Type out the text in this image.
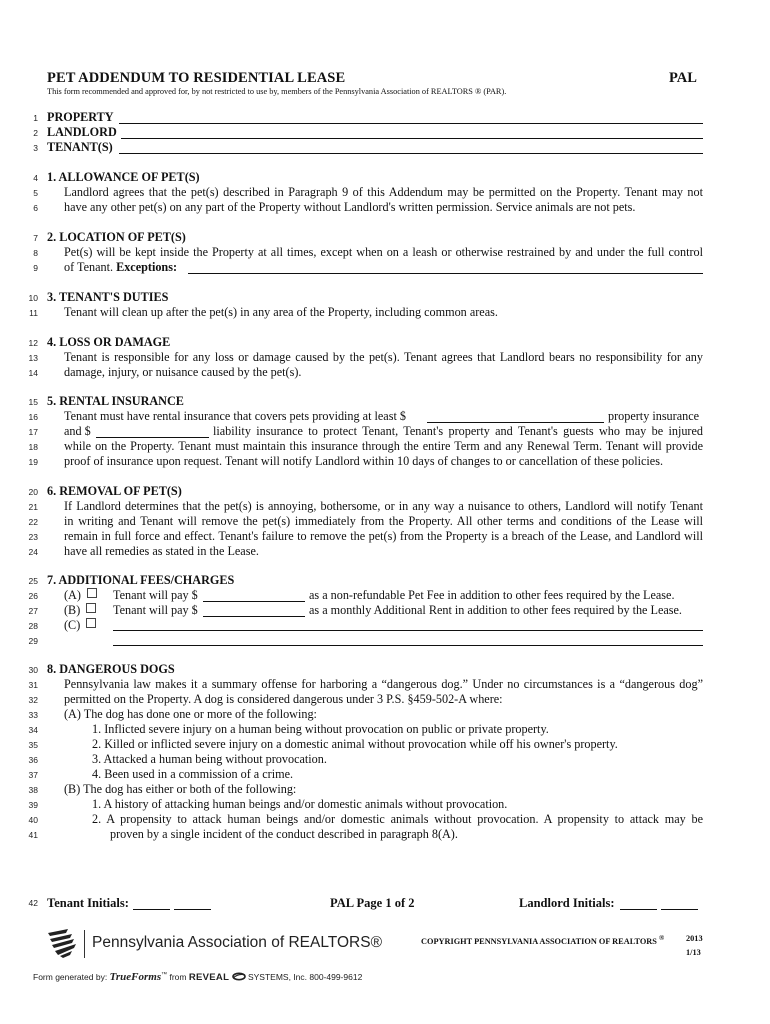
PET ADDENDUM TO RESIDENTIAL LEASE	PAL
This form recommended and approved for, by not restricted to use by, members of the Pennsylvania Association of REALTORS ® (PAR).
1
2
3
4
5
6
7
8
9
10
11
12
13
14
15
16
17
18
19
20
21
22
23
24
25
26
27
28
29
30
31
32
33
34
35
36
37
38
39
40
41
42
PROPERTY
LANDLORD
TENANT(S)
1. ALLOWANCE OF PET(S)
Landlord agrees that the pet(s) described in Paragraph 9 of this Addendum may be permitted on the Property. Tenant may not
have any other pet(s) on any part of the Property without Landlord's written permission. Service animals are not pets.
2. LOCATION OF PET(S)
Pet(s) will be kept inside the Property at all times, except when on a leash or otherwise restrained by and under the full control
of Tenant. Exceptions:
3. TENANT'S DUTIES
Tenant will clean up after the pet(s) in any area of the Property, including common areas.
4. LOSS OR DAMAGE
Tenant is responsible for any loss or damage caused by the pet(s). Tenant agrees that Landlord bears no responsibility for any
damage, injury, or nuisance caused by the pet(s).
5. RENTAL INSURANCE
Tenant must have rental insurance that covers pets providing at least $	property insurance
and $	liability insurance to protect Tenant, Tenant's property and Tenant's guests who may be injured
while on the Property. Tenant must maintain this insurance through the entire Term and any Renewal Term. Tenant will provide
proof of insurance upon request. Tenant will notify Landlord within 10 days of changes to or cancellation of these policies.
6. REMOVAL OF PET(S)
If Landlord determines that the pet(s) is annoying, bothersome, or in any way a nuisance to others, Landlord will notify Tenant
in writing and Tenant will remove the pet(s) immediately from the Property. All other terms and conditions of the Lease will
remain in full force and effect. Tenant's failure to remove the pet(s) from the Property is a breach of the Lease, and Landlord will
have all remedies as stated in the Lease.
7. ADDITIONAL FEES/CHARGES
(A)	Tenant will pay $	as a non-refundable Pet Fee in addition to other fees required by the Lease.
(B)	Tenant will pay $	as a monthly Additional Rent in addition to other fees required by the Lease.
(C)
8. DANGEROUS DOGS
Pennsylvania law makes it a summary offense for harboring a “dangerous dog.” Under no circumstances is a “dangerous dog”
permitted on the Property. A dog is considered dangerous under 3 P.S. §459-502-A where:
(A) The dog has done one or more of the following:
1. Inflicted severe injury on a human being without provocation on public or private property.
2. Killed or inflicted severe injury on a domestic animal without provocation while off his owner's property.
3. Attacked a human being without provocation.
4. Been used in a commission of a crime.
(B) The dog has either or both of the following:
1. A history of attacking human beings and/or domestic animals without provocation.
2. A propensity to attack human beings and/or domestic animals without provocation. A propensity to attack may be
proven by a single incident of the conduct described in paragraph 8(A).
Tenant Initials:	PAL Page 1 of 2	Landlord Initials:
Pennsylvania Association of REALTORS®	COPYRIGHT PENNSYLVANIA ASSOCIATION OF REALTORS ®	2013
1/13
Form generated by: TrueForms™ from REVEAL SYSTEMS, Inc. 800-499-9612
